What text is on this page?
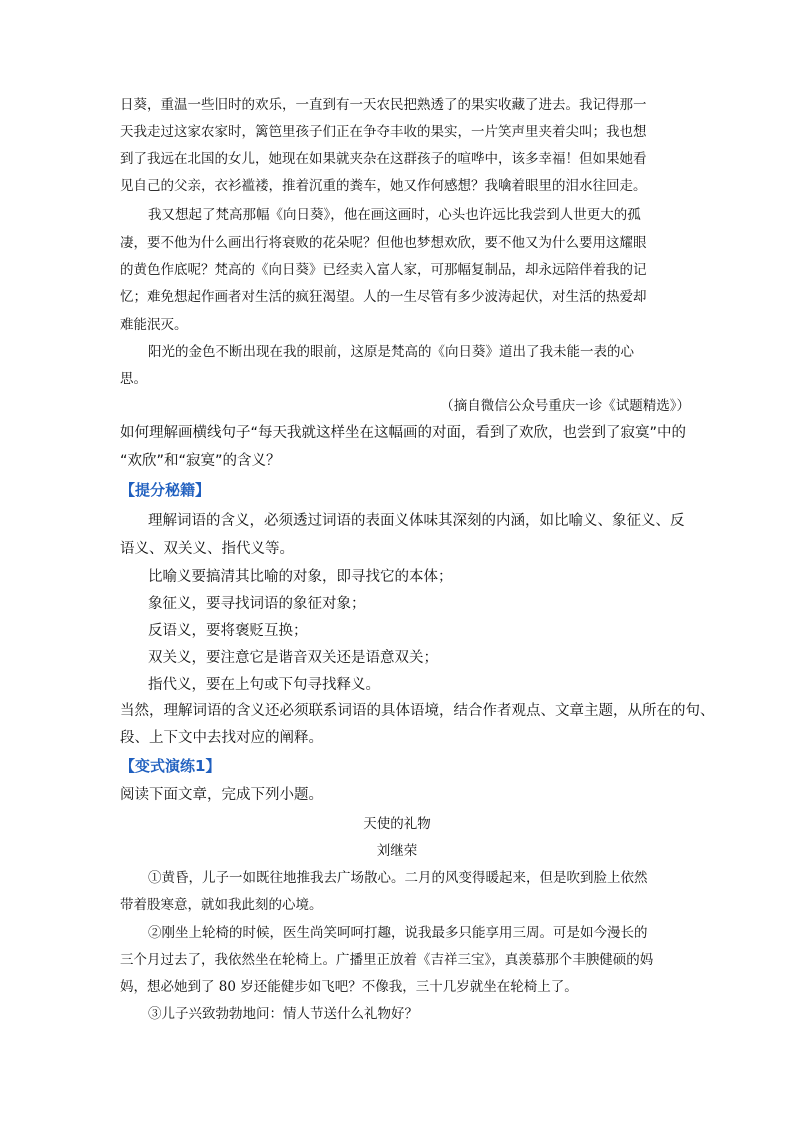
日葵，重温一些旧时的欢乐，一直到有一天农民把熟透了的果实收藏了进去。我记得那一
天我走过这家农家时，篱笆里孩子们正在争夺丰收的果实，一片笑声里夹着尖叫；我也想
到了我远在北国的女儿，她现在如果就夹杂在这群孩子的喧哗中，该多幸福！但如果她看
见自己的父亲，衣衫褴褛，推着沉重的粪车，她又作何感想？我噙着眼里的泪水往回走。
我又想起了梵高那幅《向日葵》，他在画这画时，心头也许远比我尝到人世更大的孤
凄，要不他为什么画出行将衰败的花朵呢？但他也梦想欢欣，要不他又为什么要用这耀眼
的黄色作底呢？梵高的《向日葵》已经卖入富人家，可那幅复制品，却永远陪伴着我的记
忆；难免想起作画者对生活的疯狂渴望。人的一生尽管有多少波涛起伏，对生活的热爱却
难能泯灭。
阳光的金色不断出现在我的眼前，这原是梵高的《向日葵》道出了我未能一表的心
思。
（摘自微信公众号重庆一诊《试题精选》）
如何理解画横线句子“每天我就这样坐在这幅画的对面，看到了欢欣，也尝到了寂寞”中的
“欢欣”和“寂寞”的含义？
【提分秘籍】
理解词语的含义，必须透过词语的表面义体味其深刻的内涵，如比喻义、象征义、反
语义、双关义、指代义等。
比喻义要搞清其比喻的对象，即寻找它的本体；
象征义，要寻找词语的象征对象；
反语义，要将褒贬互换；
双关义，要注意它是谐音双关还是语意双关；
指代义，要在上句或下句寻找释义。
当然，理解词语的含义还必须联系词语的具体语境，结合作者观点、文章主题，从所在的句、
段、上下文中去找对应的阐释。
【变式演练1】
阅读下面文章，完成下列小题。
天使的礼物
刘继荣
①黄昏，儿子一如既往地推我去广场散心。二月的风变得暖起来，但是吹到脸上依然
带着股寒意，就如我此刻的心境。
②刚坐上轮椅的时候，医生尚笑呵呵打趣，说我最多只能享用三周。可是如今漫长的
三个月过去了，我依然坐在轮椅上。广播里正放着《吉祥三宝》，真羡慕那个丰腴健硕的妈
妈，想必她到了 80 岁还能健步如飞吧？不像我，三十几岁就坐在轮椅上了。
③儿子兴致勃勃地问：情人节送什么礼物好？
